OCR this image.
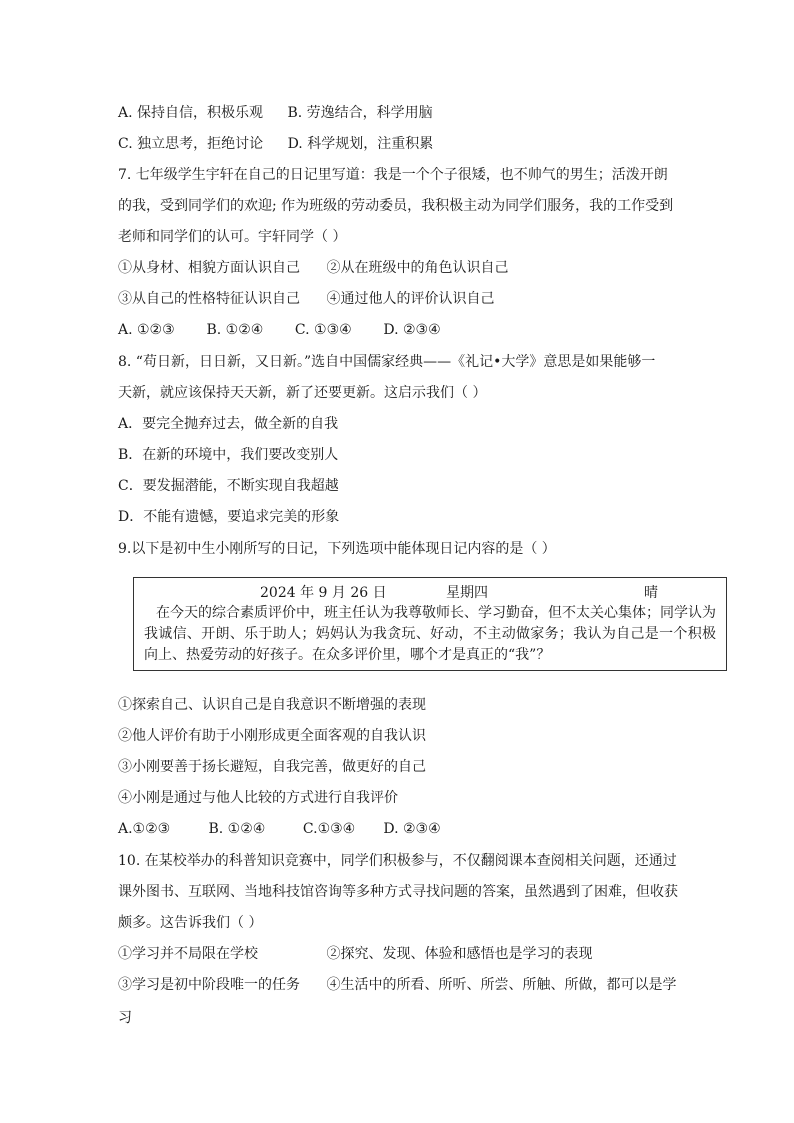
A. 保持自信，积极乐观 B. 劳逸结合，科学用脑
C. 独立思考，拒绝讨论 D. 科学规划，注重积累
7. 七年级学生宇轩在自己的日记里写道：我是一个个子很矮，也不帅气的男生；活泼开朗
的我，受到同学们的欢迎; 作为班级的劳动委员，我积极主动为同学们服务，我的工作受到
老师和同学们的认可。宇轩同学（ ）
①从身材、相貌方面认识自己 ②从在班级中的角色认识自己
③从自己的性格特征认识自己 ④通过他人的评价认识自己
A. ①②③ B. ①②④ C. ①③④ D. ②③④
8. “苟日新，日日新，又日新。”选自中国儒家经典——《礼记•大学》意思是如果能够一
天新，就应该保持天天新，新了还要更新。这启示我们（ ）
A．要完全抛弃过去，做全新的自我
B．在新的环境中，我们要改变别人
C．要发掘潜能，不断实现自我超越
D．不能有遗憾，要追求完美的形象
9.以下是初中生小刚所写的日记，下列选项中能体现日记内容的是（ ）
2024 年 9 月 26 日	星期四	晴
在今天的综合素质评价中，班主任认为我尊敬师长、学习勤奋，但不太关心集体；同学认为我诚信、开朗、乐于助人；妈妈认为我贪玩、好动，不主动做家务；我认为自己是一个积极向上、热爱劳动的好孩子。在众多评价里，哪个才是真正的“我”？
①探索自己、认识自己是自我意识不断增强的表现
②他人评价有助于小刚形成更全面客观的自我认识
③小刚要善于扬长避短，自我完善，做更好的自己
④小刚是通过与他人比较的方式进行自我评价
A.①②③	B. ①②④	C.①③④ D. ②③④
10. 在某校举办的科普知识竞赛中，同学们积极参与，不仅翻阅课本查阅相关问题，还通过
课外图书、互联网、当地科技馆咨询等多种方式寻找问题的答案，虽然遇到了困难，但收获
颇多。这告诉我们（ ）
①学习并不局限在学校	②探究、发现、体验和感悟也是学习的表现
③学习是初中阶段唯一的任务 ④生活中的所看、所听、所尝、所触、所做，都可以是学
习
